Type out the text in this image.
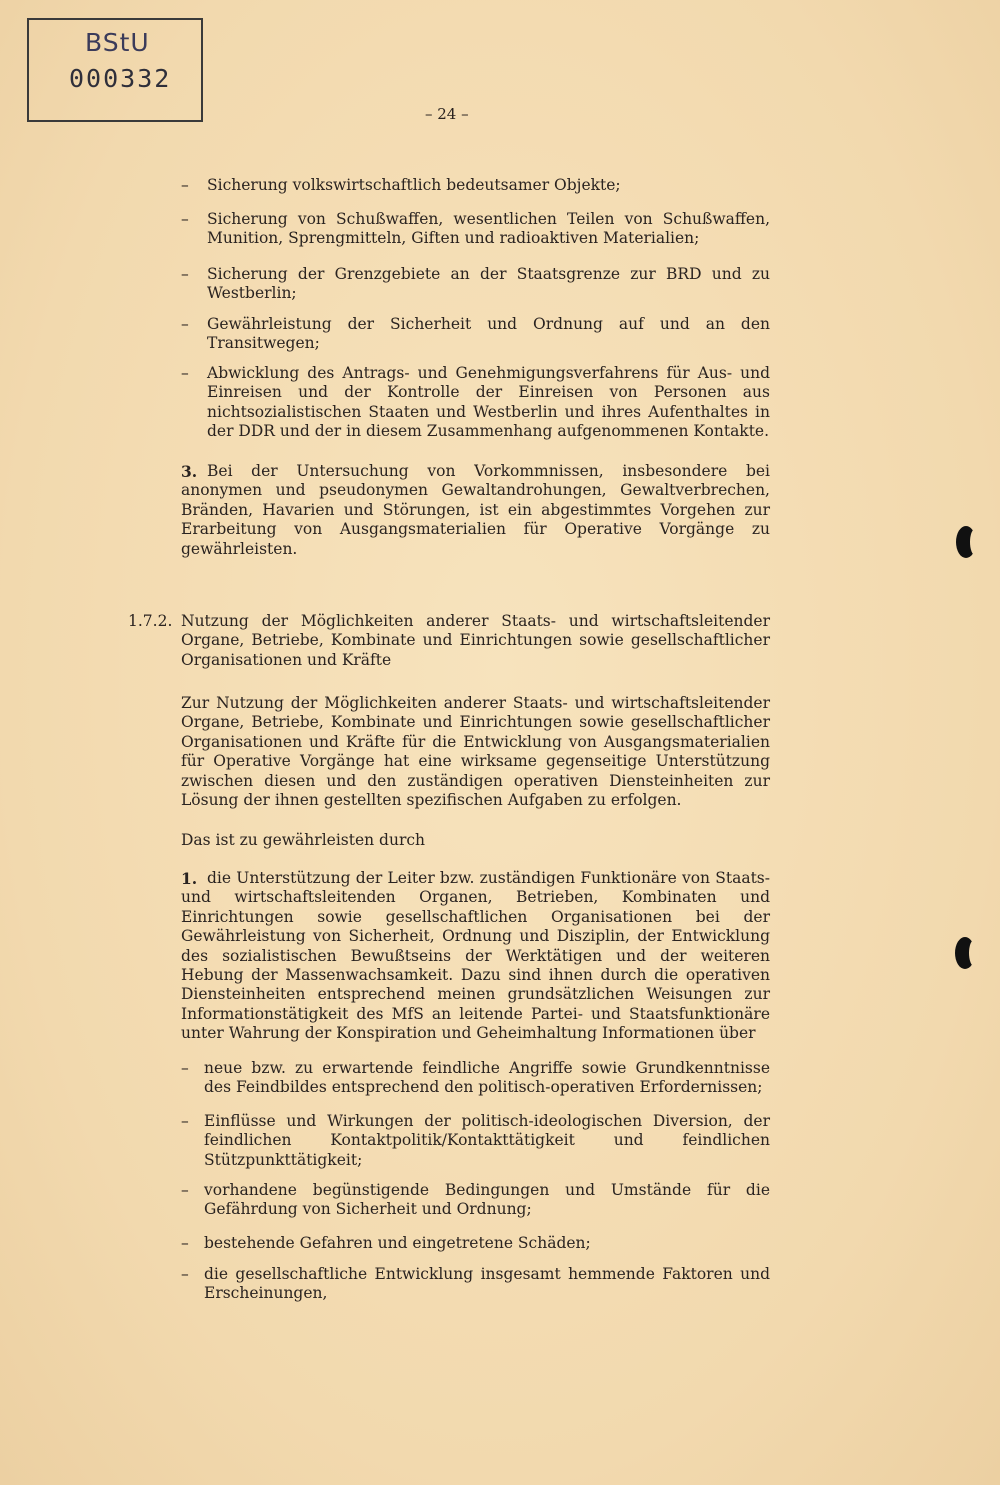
BStU
000332
– 24 –
– Sicherung volkswirtschaftlich bedeutsamer Objekte;
– Sicherung von Schußwaffen, wesentlichen Teilen von Schußwaffen, Munition, Sprengmitteln, Giften und radioaktiven Materialien;
– Sicherung der Grenzgebiete an der Staatsgrenze zur BRD und zu Westberlin;
– Gewährleistung der Sicherheit und Ordnung auf und an den Transitwegen;
– Abwicklung des Antrags- und Genehmigungsverfahrens für Aus- und Einreisen und der Kontrolle der Einreisen von Personen aus nichtsozialistischen Staaten und Westberlin und ihres Aufenthaltes in der DDR und der in diesem Zusammenhang aufgenommenen Kontakte.
3. Bei der Untersuchung von Vorkommnissen, insbesondere bei anonymen und pseudonymen Gewaltandrohungen, Gewaltverbrechen, Bränden, Havarien und Störungen, ist ein abgestimmtes Vorgehen zur Erarbeitung von Ausgangsmaterialien für Operative Vorgänge zu gewährleisten.
1.7.2. Nutzung der Möglichkeiten anderer Staats- und wirtschaftsleitender Organe, Betriebe, Kombinate und Einrichtungen sowie gesellschaftlicher Organisationen und Kräfte
Zur Nutzung der Möglichkeiten anderer Staats- und wirtschaftsleitender Organe, Betriebe, Kombinate und Einrichtungen sowie gesellschaftlicher Organisationen und Kräfte für die Entwicklung von Ausgangsmaterialien für Operative Vorgänge hat eine wirksame gegenseitige Unterstützung zwischen diesen und den zuständigen operativen Diensteinheiten zur Lösung der ihnen gestellten spezifischen Aufgaben zu erfolgen.
Das ist zu gewährleisten durch
1. die Unterstützung der Leiter bzw. zuständigen Funktionäre von Staats- und wirtschaftsleitenden Organen, Betrieben, Kombinaten und Einrichtungen sowie gesellschaftlichen Organisationen bei der Gewährleistung von Sicherheit, Ordnung und Disziplin, der Entwicklung des sozialistischen Bewußtseins der Werktätigen und der weiteren Hebung der Massenwachsamkeit. Dazu sind ihnen durch die operativen Diensteinheiten entsprechend meinen grundsätzlichen Weisungen zur Informationstätigkeit des MfS an leitende Partei- und Staatsfunktionäre unter Wahrung der Konspiration und Geheimhaltung Informationen über
– neue bzw. zu erwartende feindliche Angriffe sowie Grundkenntnisse des Feindbildes entsprechend den politisch-operativen Erfordernissen;
– Einflüsse und Wirkungen der politisch-ideologischen Diversion, der feindlichen Kontaktpolitik/Kontakttätigkeit und feindlichen Stützpunkttätigkeit;
– vorhandene begünstigende Bedingungen und Umstände für die Gefährdung von Sicherheit und Ordnung;
– bestehende Gefahren und eingetretene Schäden;
– die gesellschaftliche Entwicklung insgesamt hemmende Faktoren und Erscheinungen,
